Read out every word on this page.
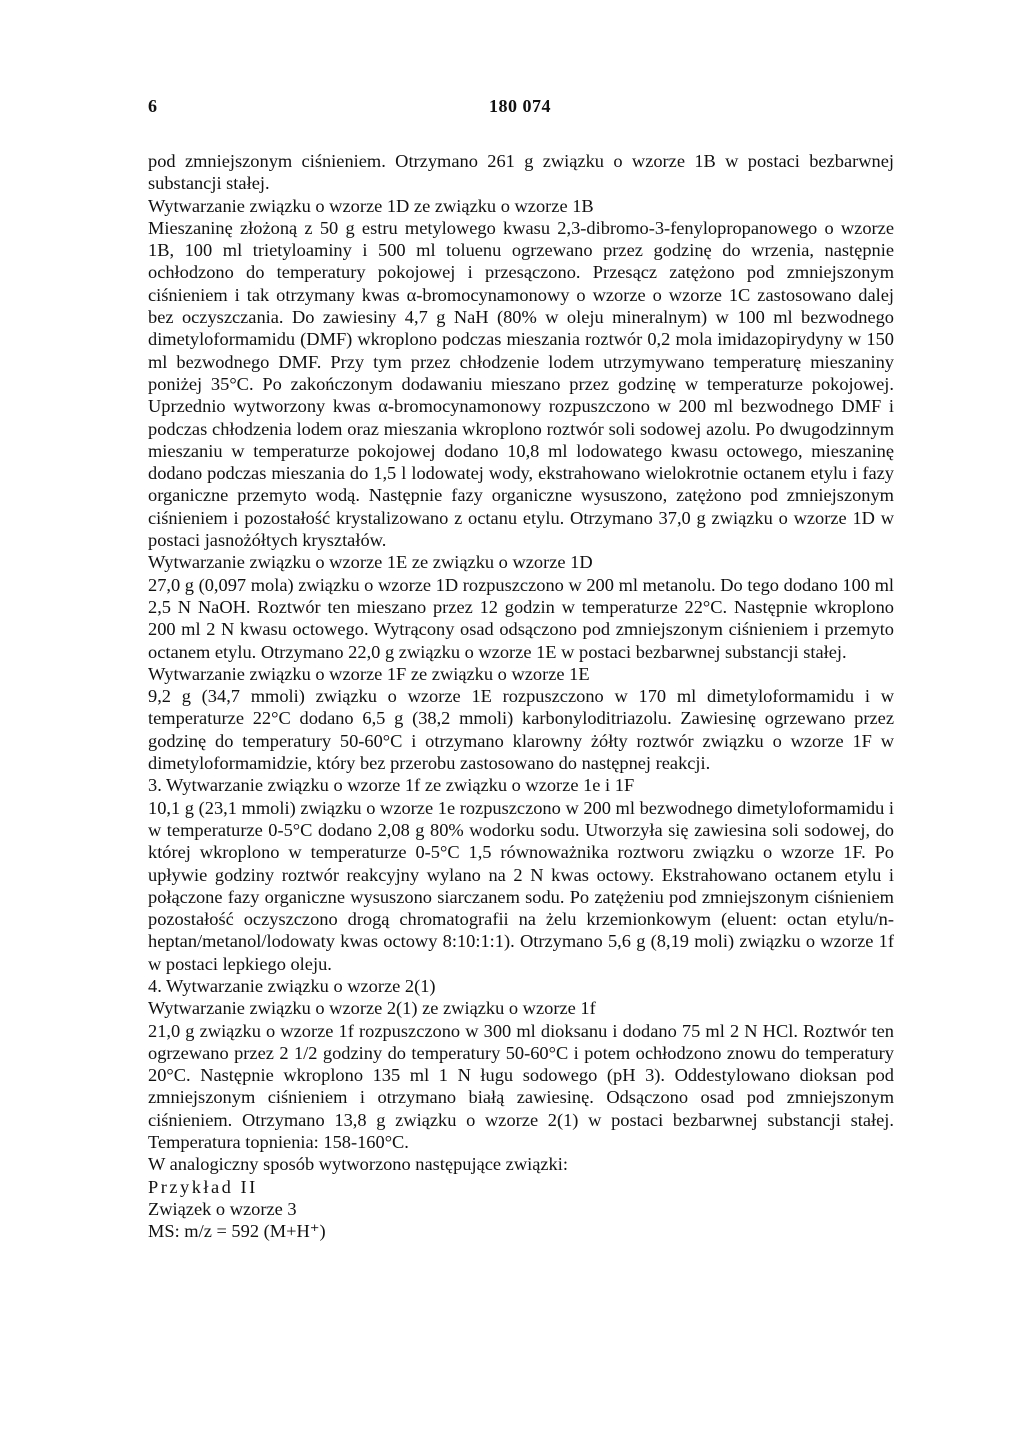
6	180 074

pod zmniejszonym ciśnieniem. Otrzymano 261 g związku o wzorze 1B w postaci bezbarwnej substancji stałej.

Wytwarzanie związku o wzorze 1D ze związku o wzorze 1B

Mieszaninę złożoną z 50 g estru metylowego kwasu 2,3-dibromo-3-fenylopropanowego o wzorze 1B, 100 ml trietyloaminy i 500 ml toluenu ogrzewano przez godzinę do wrzenia, następnie ochłodzono do temperatury pokojowej i przesączono. Przesącz zatężono pod zmniejszonym ciśnieniem i tak otrzymany kwas α-bromocynamonowy o wzorze o wzorze 1C zastosowano dalej bez oczyszczania. Do zawiesiny 4,7 g NaH (80% w oleju mineralnym) w 100 ml bezwodnego dimetyloformamidu (DMF) wkroplono podczas mieszania roztwór 0,2 mola imidazopirydyny w 150 ml bezwodnego DMF. Przy tym przez chłodzenie lodem utrzymywano temperaturę mieszaniny poniżej 35°C. Po zakończonym dodawaniu mieszano przez godzinę w temperaturze pokojowej. Uprzednio wytworzony kwas α-bromocynamonowy rozpuszczono w 200 ml bezwodnego DMF i podczas chłodzenia lodem oraz mieszania wkroplono roztwór soli sodowej azolu. Po dwugodzinnym mieszaniu w temperaturze pokojowej dodano 10,8 ml lodowatego kwasu octowego, mieszaninę dodano podczas mieszania do 1,5 l lodowatej wody, ekstrahowano wielokrotnie octanem etylu i fazy organiczne przemyto wodą. Następnie fazy organiczne wysuszono, zatężono pod zmniejszonym ciśnieniem i pozostałość krystalizowano z octanu etylu. Otrzymano 37,0 g związku o wzorze 1D w postaci jasnożółtych kryształów.

Wytwarzanie związku o wzorze 1E ze związku o wzorze 1D

27,0 g (0,097 mola) związku o wzorze 1D rozpuszczono w 200 ml metanolu. Do tego dodano 100 ml 2,5 N NaOH. Roztwór ten mieszano przez 12 godzin w temperaturze 22°C. Następnie wkroplono 200 ml 2 N kwasu octowego. Wytrącony osad odsączono pod zmniejszonym ciśnieniem i przemyto octanem etylu. Otrzymano 22,0 g związku o wzorze 1E w postaci bezbarwnej substancji stałej.

Wytwarzanie związku o wzorze 1F ze związku o wzorze 1E

9,2 g (34,7 mmoli) związku o wzorze 1E rozpuszczono w 170 ml dimetyloformamidu i w temperaturze 22°C dodano 6,5 g (38,2 mmoli) karbonyloditriazolu. Zawiesinę ogrzewano przez godzinę do temperatury 50-60°C i otrzymano klarowny żółty roztwór związku o wzorze 1F w dimetyloformamidzie, który bez przerobu zastosowano do następnej reakcji.

3. Wytwarzanie związku o wzorze 1f ze związku o wzorze 1e i 1F

10,1 g (23,1 mmoli) związku o wzorze 1e rozpuszczono w 200 ml bezwodnego dimetyloformamidu i w temperaturze 0-5°C dodano 2,08 g 80% wodorku sodu. Utworzyła się zawiesina soli sodowej, do której wkroplono w temperaturze 0-5°C 1,5 równoważnika roztworu związku o wzorze 1F. Po upływie godziny roztwór reakcyjny wylano na 2 N kwas octowy. Ekstrahowano octanem etylu i połączone fazy organiczne wysuszono siarczanem sodu. Po zatężeniu pod zmniejszonym ciśnieniem pozostałość oczyszczono drogą chromatografii na żelu krzemionkowym (eluent: octan etylu/n-heptan/metanol/lodowaty kwas octowy 8:10:1:1). Otrzymano 5,6 g (8,19 moli) związku o wzorze 1f w postaci lepkiego oleju.

4. Wytwarzanie związku o wzorze 2(1)

Wytwarzanie związku o wzorze 2(1) ze związku o wzorze 1f

21,0 g związku o wzorze 1f rozpuszczono w 300 ml dioksanu i dodano 75 ml 2 N HCl. Roztwór ten ogrzewano przez 2 1/2 godziny do temperatury 50-60°C i potem ochłodzono znowu do temperatury 20°C. Następnie wkroplono 135 ml 1 N ługu sodowego (pH 3). Oddestylowano dioksan pod zmniejszonym ciśnieniem i otrzymano białą zawiesinę. Odsączono osad pod zmniejszonym ciśnieniem. Otrzymano 13,8 g związku o wzorze 2(1) w postaci bezbarwnej substancji stałej. Temperatura topnienia: 158-160°C.

W analogiczny sposób wytworzono następujące związki:

Przykład II

Związek o wzorze 3

MS: m/z = 592 (M+H⁺)
